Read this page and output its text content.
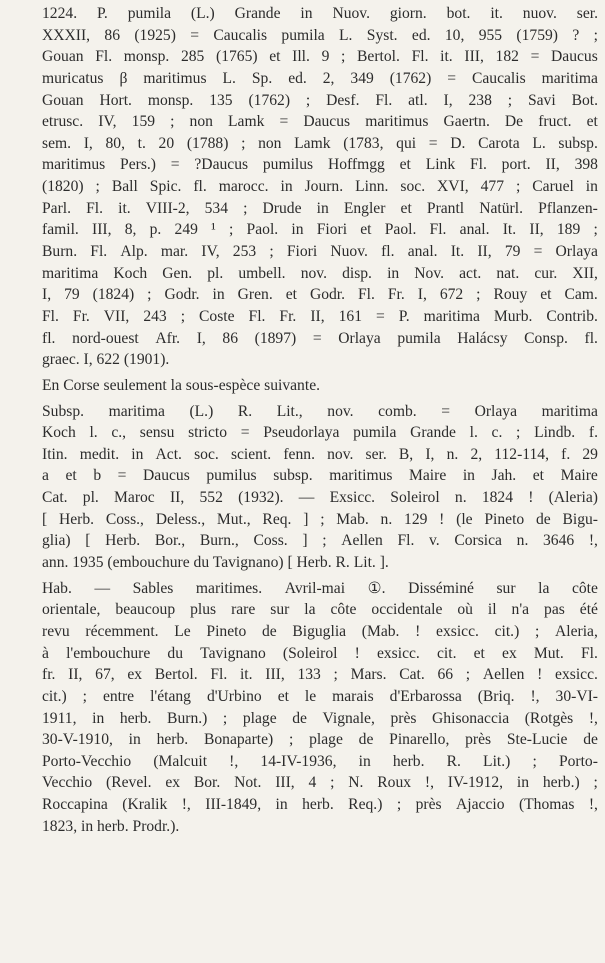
1224. P. pumila (L.) Grande in Nuov. giorn. bot. it. nuov. ser.
XXXII, 86 (1925) = Caucalis pumila L. Syst. ed. 10, 955 (1759) ? ;
Gouan Fl. monsp. 285 (1765) et Ill. 9 ; Bertol. Fl. it. III, 182 = Daucus
muricatus β maritimus L. Sp. ed. 2, 349 (1762) = Caucalis maritima
Gouan Hort. monsp. 135 (1762) ; Desf. Fl. atl. I, 238 ; Savi Bot.
etrusc. IV, 159 ; non Lamk = Daucus maritimus Gaertn. De fruct. et
sem. I, 80, t. 20 (1788) ; non Lamk (1783, qui = D. Carota L. subsp.
maritimus Pers.) = ?Daucus pumilus Hoffmgg et Link Fl. port. II, 398
(1820) ; Ball Spic. fl. marocc. in Journ. Linn. soc. XVI, 477 ; Caruel in
Parl. Fl. it. VIII-2, 534 ; Drude in Engler et Prantl Natürl. Pflanzen-
famil. III, 8, p. 249 ¹ ; Paol. in Fiori et Paol. Fl. anal. It. II, 189 ;
Burn. Fl. Alp. mar. IV, 253 ; Fiori Nuov. fl. anal. It. II, 79 = Orlaya
maritima Koch Gen. pl. umbell. nov. disp. in Nov. act. nat. cur. XII,
I, 79 (1824) ; Godr. in Gren. et Godr. Fl. Fr. I, 672 ; Rouy et Cam.
Fl. Fr. VII, 243 ; Coste Fl. Fr. II, 161 = P. maritima Murb. Contrib.
fl. nord-ouest Afr. I, 86 (1897) = Orlaya pumila Halácsy Consp. fl.
graec. I, 622 (1901).
En Corse seulement la sous-espèce suivante.
Subsp. maritima (L.) R. Lit., nov. comb. = Orlaya maritima
Koch l. c., sensu stricto = Pseudorlaya pumila Grande l. c. ; Lindb. f.
Itin. medit. in Act. soc. scient. fenn. nov. ser. B, I, n. 2, 112-114, f. 29
a et b = Daucus pumilus subsp. maritimus Maire in Jah. et Maire
Cat. pl. Maroc II, 552 (1932). — Exsicc. Soleirol n. 1824 ! (Aleria)
[ Herb. Coss., Deless., Mut., Req. ] ; Mab. n. 129 ! (le Pineto de Bigu-
glia) [ Herb. Bor., Burn., Coss. ] ; Aellen Fl. v. Corsica n. 3646 !,
ann. 1935 (embouchure du Tavignano) [ Herb. R. Lit. ].
Hab. — Sables maritimes. Avril-mai ①. Disséminé sur la côte
orientale, beaucoup plus rare sur la côte occidentale où il n'a pas été
revu récemment. Le Pineto de Biguglia (Mab. ! exsicc. cit.) ; Aleria,
à l'embouchure du Tavignano (Soleirol ! exsicc. cit. et ex Mut. Fl.
fr. II, 67, ex Bertol. Fl. it. III, 133 ; Mars. Cat. 66 ; Aellen ! exsicc.
cit.) ; entre l'étang d'Urbino et le marais d'Erbarossa (Briq. !, 30-VI-
1911, in herb. Burn.) ; plage de Vignale, près Ghisonaccia (Rotgès !,
30-V-1910, in herb. Bonaparte) ; plage de Pinarello, près Ste-Lucie de
Porto-Vecchio (Malcuit !, 14-IV-1936, in herb. R. Lit.) ; Porto-
Vecchio (Revel. ex Bor. Not. III, 4 ; N. Roux !, IV-1912, in herb.) ;
Roccapina (Kralik !, III-1849, in herb. Req.) ; près Ajaccio (Thomas !,
1823, in herb. Prodr.).
